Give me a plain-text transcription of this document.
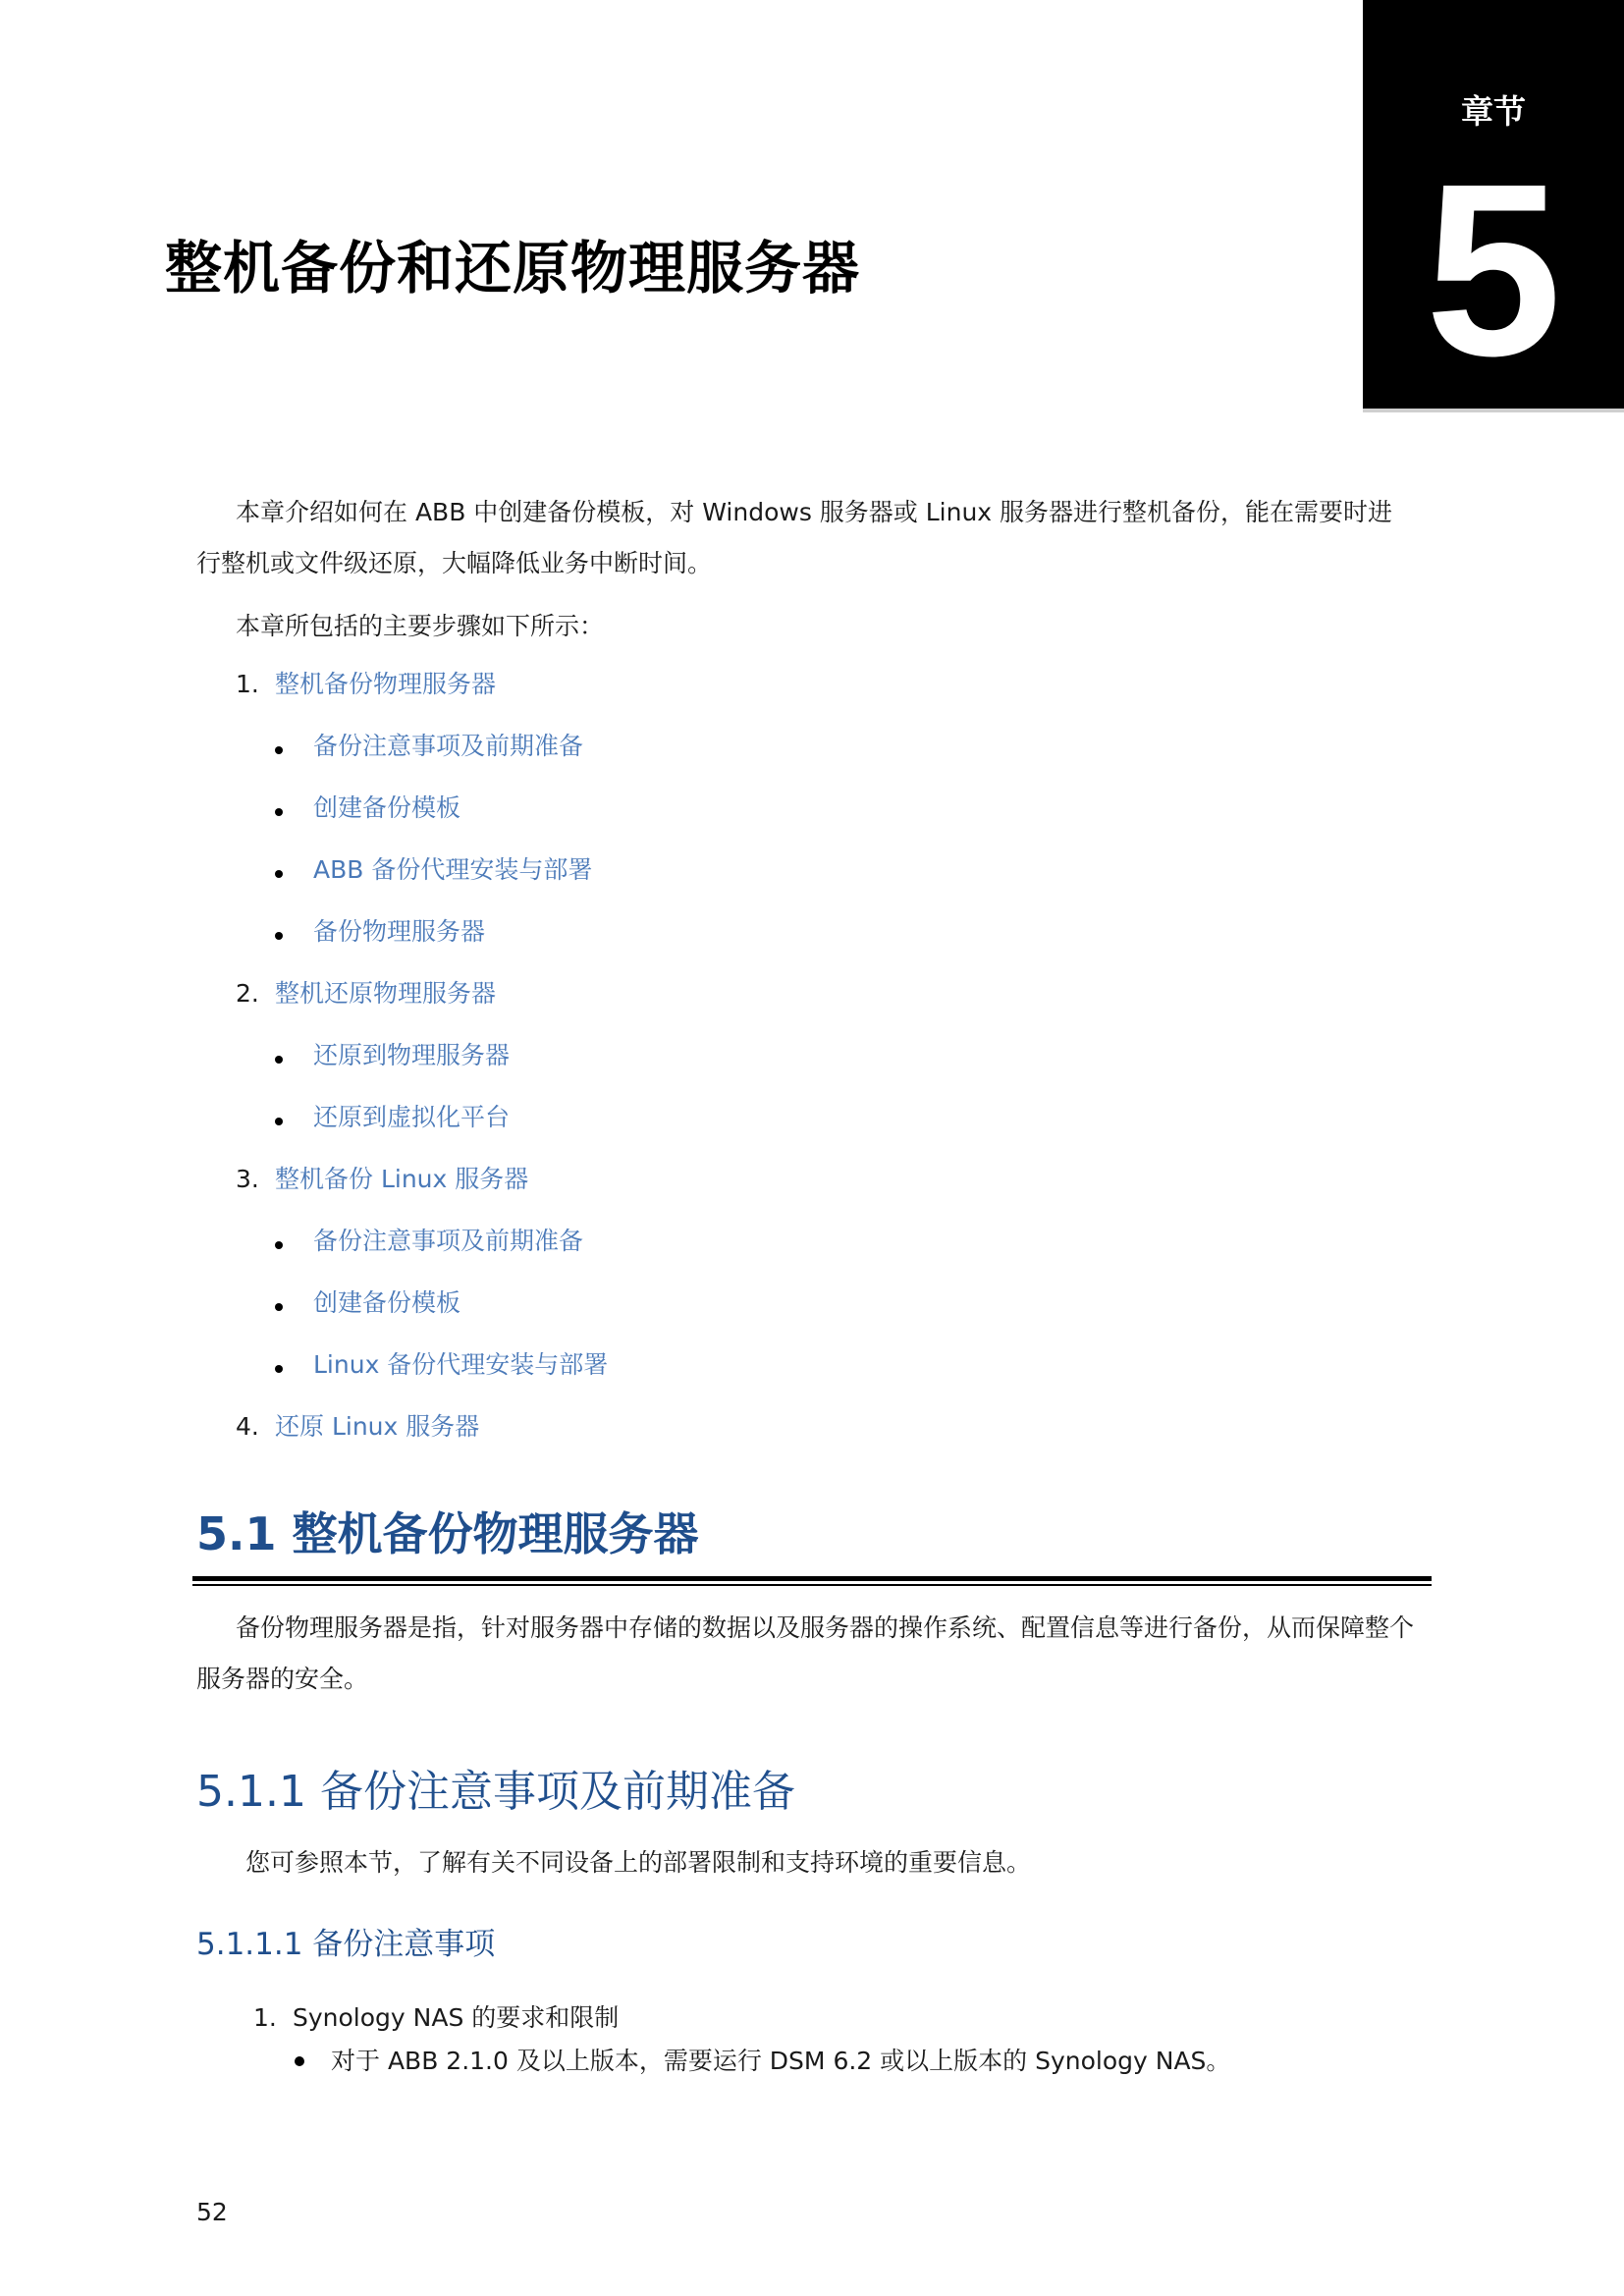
章节
5
整机备份和还原物理服务器

本章介绍如何在 ABB 中创建备份模板，对 Windows 服务器或 Linux 服务器进行整机备份，能在需要时进行整机或文件级还原，大幅降低业务中断时间。

本章所包括的主要步骤如下所示：

1. 整机备份物理服务器
备份注意事项及前期准备
创建备份模板
ABB 备份代理安装与部署
备份物理服务器
2. 整机还原物理服务器
还原到物理服务器
还原到虚拟化平台
3. 整机备份 Linux 服务器
备份注意事项及前期准备
创建备份模板
Linux 备份代理安装与部署
4. 还原 Linux 服务器
5.1 整机备份物理服务器

备份物理服务器是指，针对服务器中存储的数据以及服务器的操作系统、配置信息等进行备份，从而保障整个服务器的安全。

5.1.1 备份注意事项及前期准备
您可参照本节，了解有关不同设备上的部署限制和支持环境的重要信息。
5.1.1.1 备份注意事项
1. Synology NAS 的要求和限制
对于 ABB 2.1.0 及以上版本，需要运行 DSM 6.2 或以上版本的 Synology NAS。
52
